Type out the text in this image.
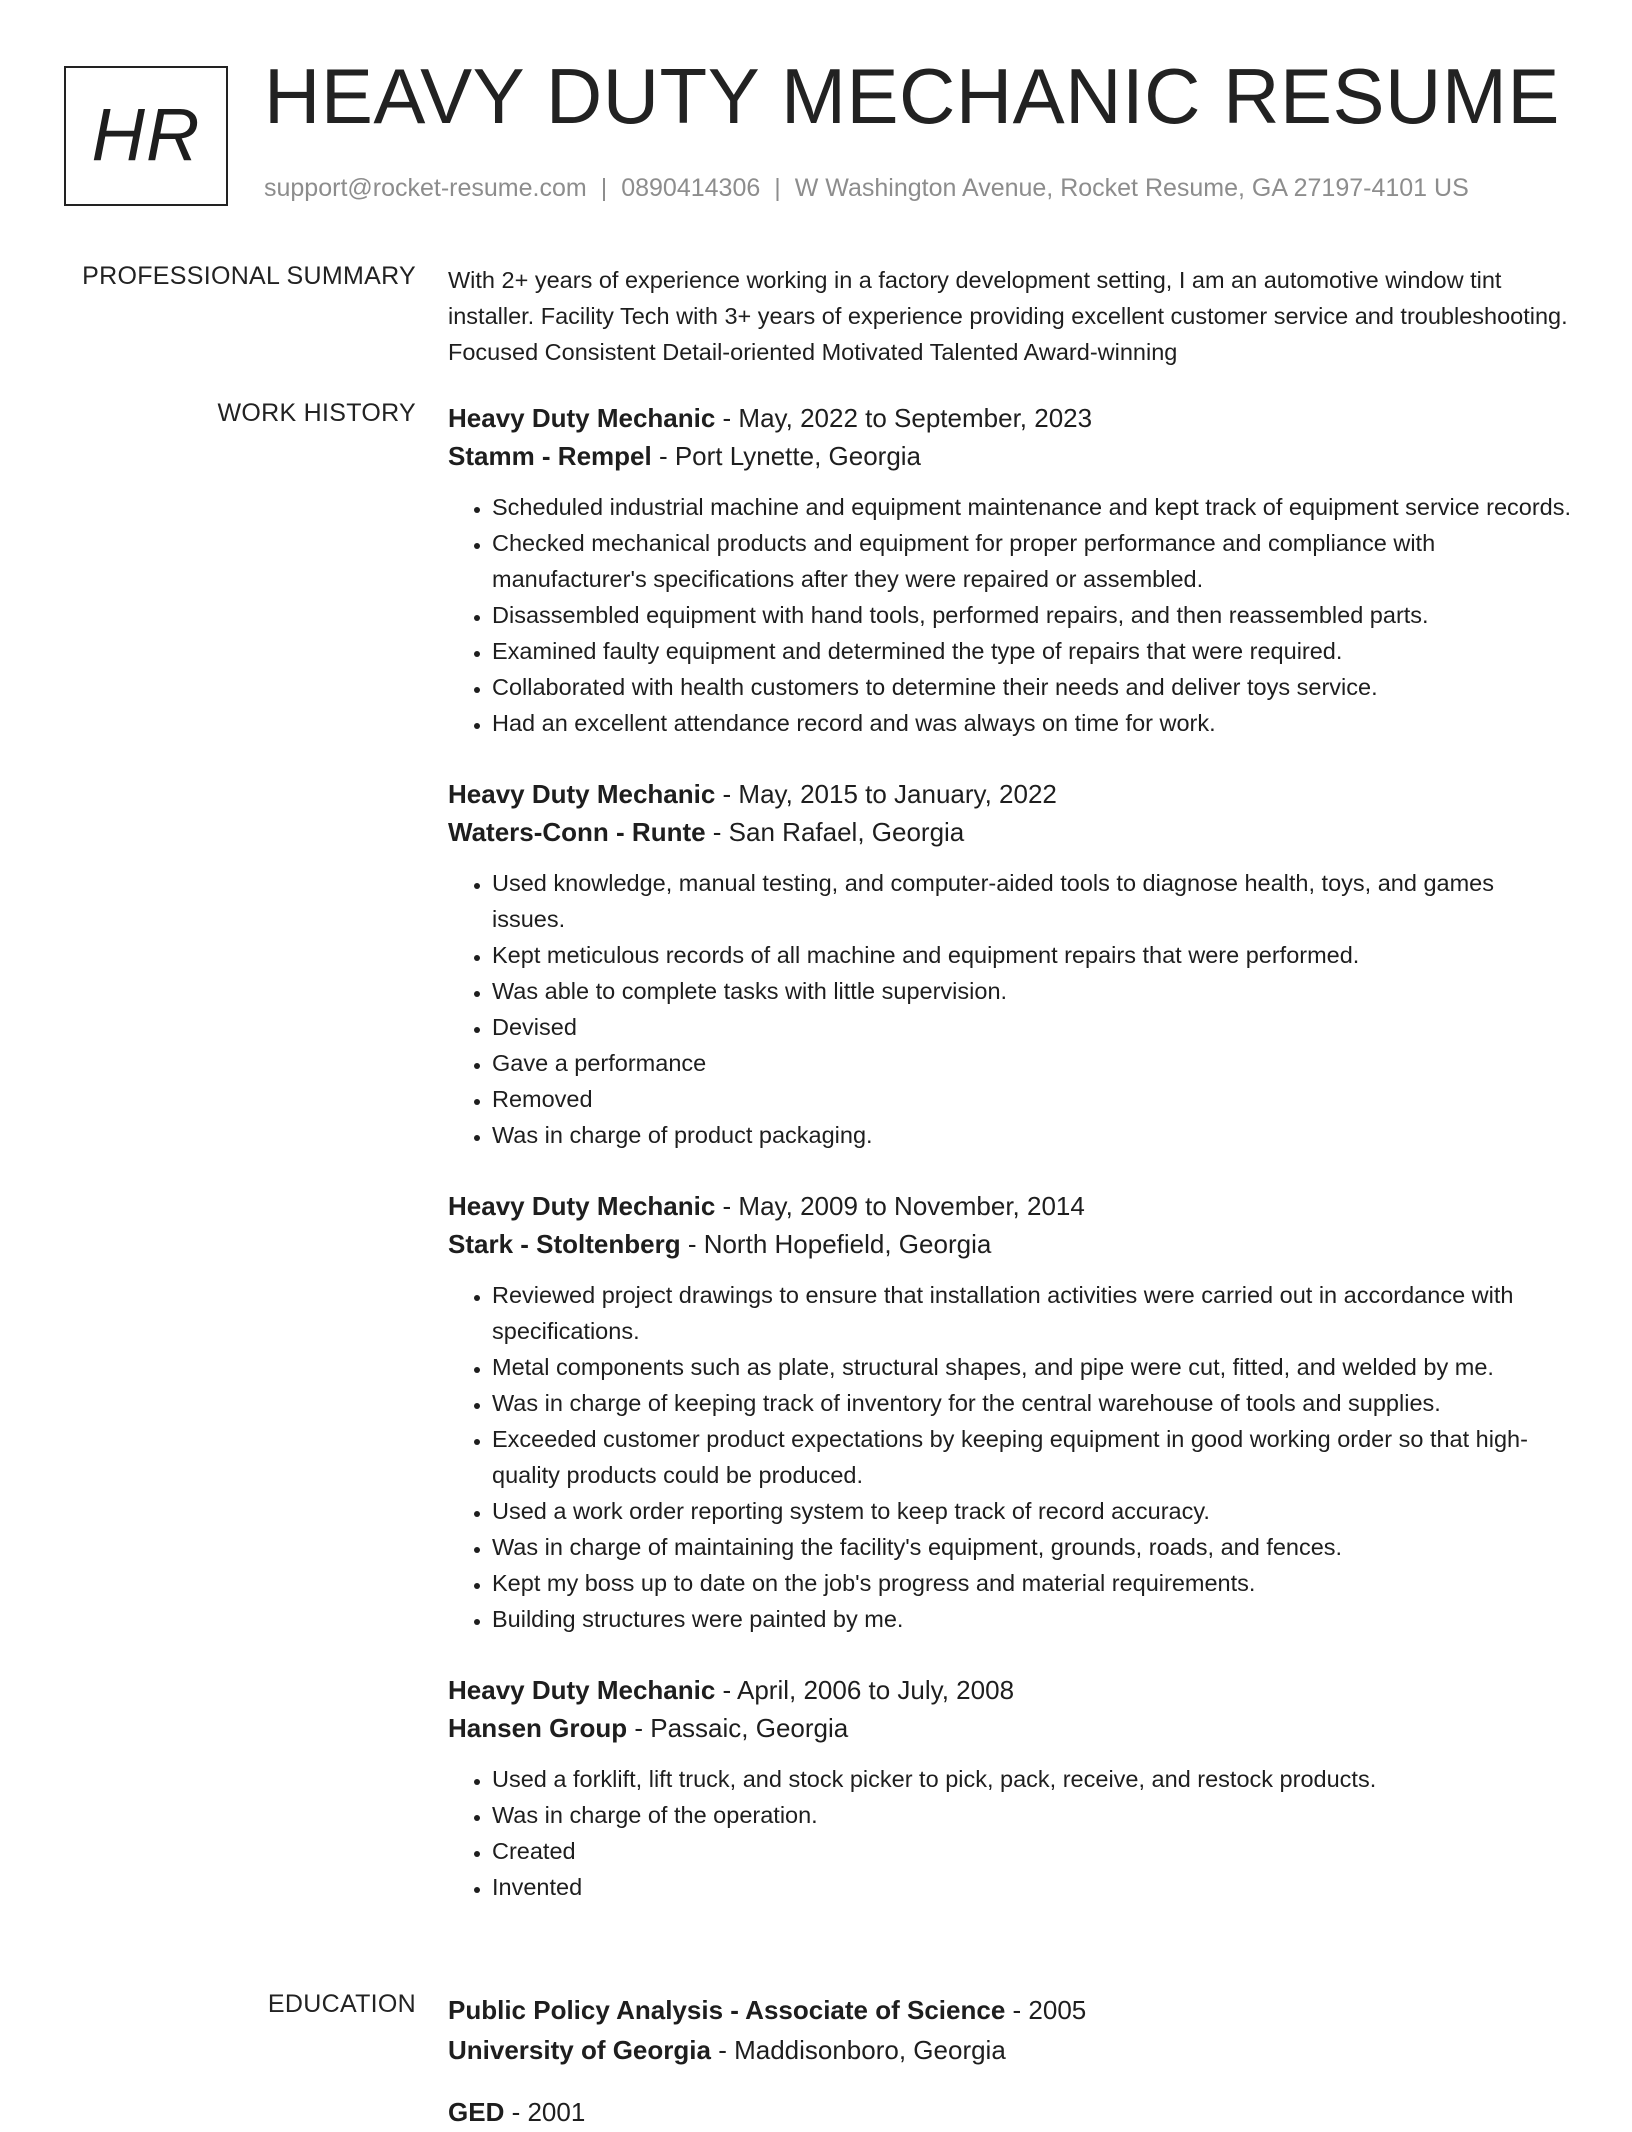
HR HEAVY DUTY MECHANIC RESUME
support@rocket-resume.com | 0890414306 | W Washington Avenue, Rocket Resume, GA 27197-4101 US
PROFESSIONAL SUMMARY With 2+ years of experience working in a factory development setting, I am an automotive window tint installer. Facility Tech with 3+ years of experience providing excellent customer service and troubleshooting. Focused Consistent Detail-oriented Motivated Talented Award-winning

WORK HISTORY Heavy Duty Mechanic - May, 2022 to September, 2023
Stamm - Rempel - Port Lynette, Georgia
• Scheduled industrial machine and equipment maintenance and kept track of equipment service records.
• Checked mechanical products and equipment for proper performance and compliance with manufacturer's specifications after they were repaired or assembled.
• Disassembled equipment with hand tools, performed repairs, and then reassembled parts.
• Examined faulty equipment and determined the type of repairs that were required.
• Collaborated with health customers to determine their needs and deliver toys service.
• Had an excellent attendance record and was always on time for work.
Heavy Duty Mechanic - May, 2015 to January, 2022
Waters-Conn - Runte - San Rafael, Georgia
• Used knowledge, manual testing, and computer-aided tools to diagnose health, toys, and games issues.
• Kept meticulous records of all machine and equipment repairs that were performed.
• Was able to complete tasks with little supervision.
• Devised
• Gave a performance
• Removed
• Was in charge of product packaging.
Heavy Duty Mechanic - May, 2009 to November, 2014
Stark - Stoltenberg - North Hopefield, Georgia
• Reviewed project drawings to ensure that installation activities were carried out in accordance with specifications.
• Metal components such as plate, structural shapes, and pipe were cut, fitted, and welded by me.
• Was in charge of keeping track of inventory for the central warehouse of tools and supplies.
• Exceeded customer product expectations by keeping equipment in good working order so that high-quality products could be produced.
• Used a work order reporting system to keep track of record accuracy.
• Was in charge of maintaining the facility's equipment, grounds, roads, and fences.
• Kept my boss up to date on the job's progress and material requirements.
• Building structures were painted by me.
Heavy Duty Mechanic - April, 2006 to July, 2008
Hansen Group - Passaic, Georgia
• Used a forklift, lift truck, and stock picker to pick, pack, receive, and restock products.
• Was in charge of the operation.
• Created
• Invented
EDUCATION Public Policy Analysis - Associate of Science - 2005
University of Georgia - Maddisonboro, Georgia
GED - 2001
